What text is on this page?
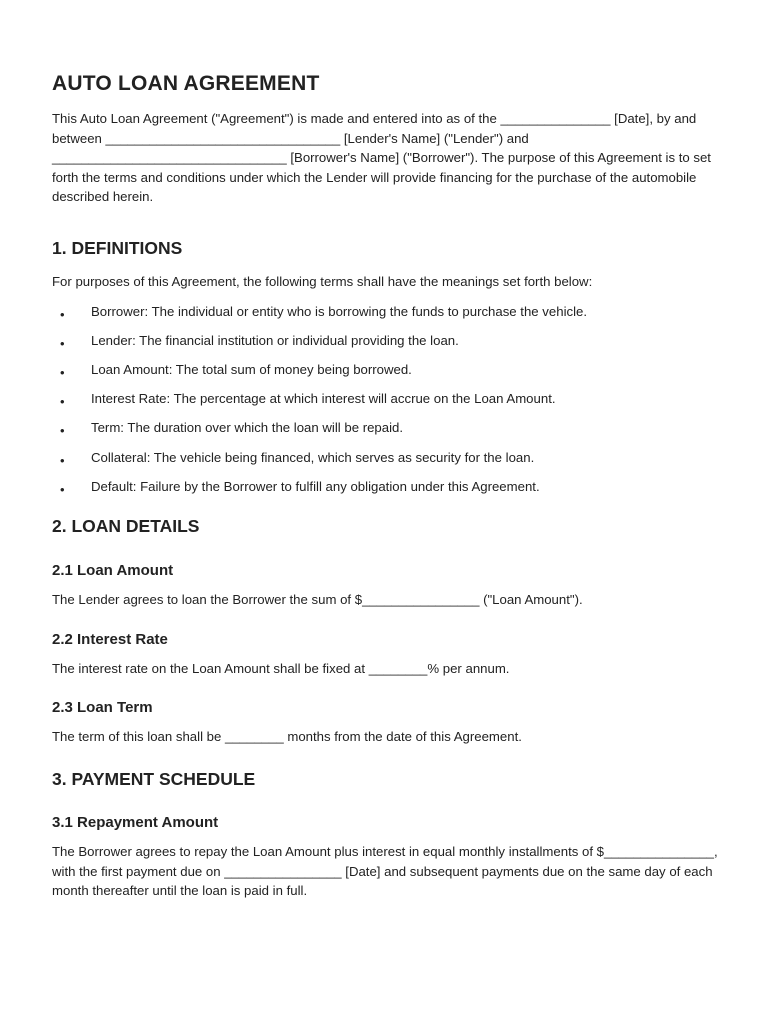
AUTO LOAN AGREEMENT

This Auto Loan Agreement ("Agreement") is made and entered into as of the _______________ [Date], by and between ________________________________ [Lender's Name] ("Lender") and ________________________________ [Borrower's Name] ("Borrower"). The purpose of this Agreement is to set forth the terms and conditions under which the Lender will provide financing for the purchase of the automobile described herein.

1. DEFINITIONS

For purposes of this Agreement, the following terms shall have the meanings set forth below:

• Borrower: The individual or entity who is borrowing the funds to purchase the vehicle.
• Lender: The financial institution or individual providing the loan.
• Loan Amount: The total sum of money being borrowed.
• Interest Rate: The percentage at which interest will accrue on the Loan Amount.
• Term: The duration over which the loan will be repaid.
• Collateral: The vehicle being financed, which serves as security for the loan.
• Default: Failure by the Borrower to fulfill any obligation under this Agreement.
2. LOAN DETAILS
2.1 Loan Amount

The Lender agrees to loan the Borrower the sum of $________________ ("Loan Amount").

2.2 Interest Rate

The interest rate on the Loan Amount shall be fixed at ________% per annum.

2.3 Loan Term

The term of this loan shall be ________ months from the date of this Agreement.

3. PAYMENT SCHEDULE
3.1 Repayment Amount

The Borrower agrees to repay the Loan Amount plus interest in equal monthly installments of $_______________, with the first payment due on ________________ [Date] and subsequent payments due on the same day of each month thereafter until the loan is paid in full.
